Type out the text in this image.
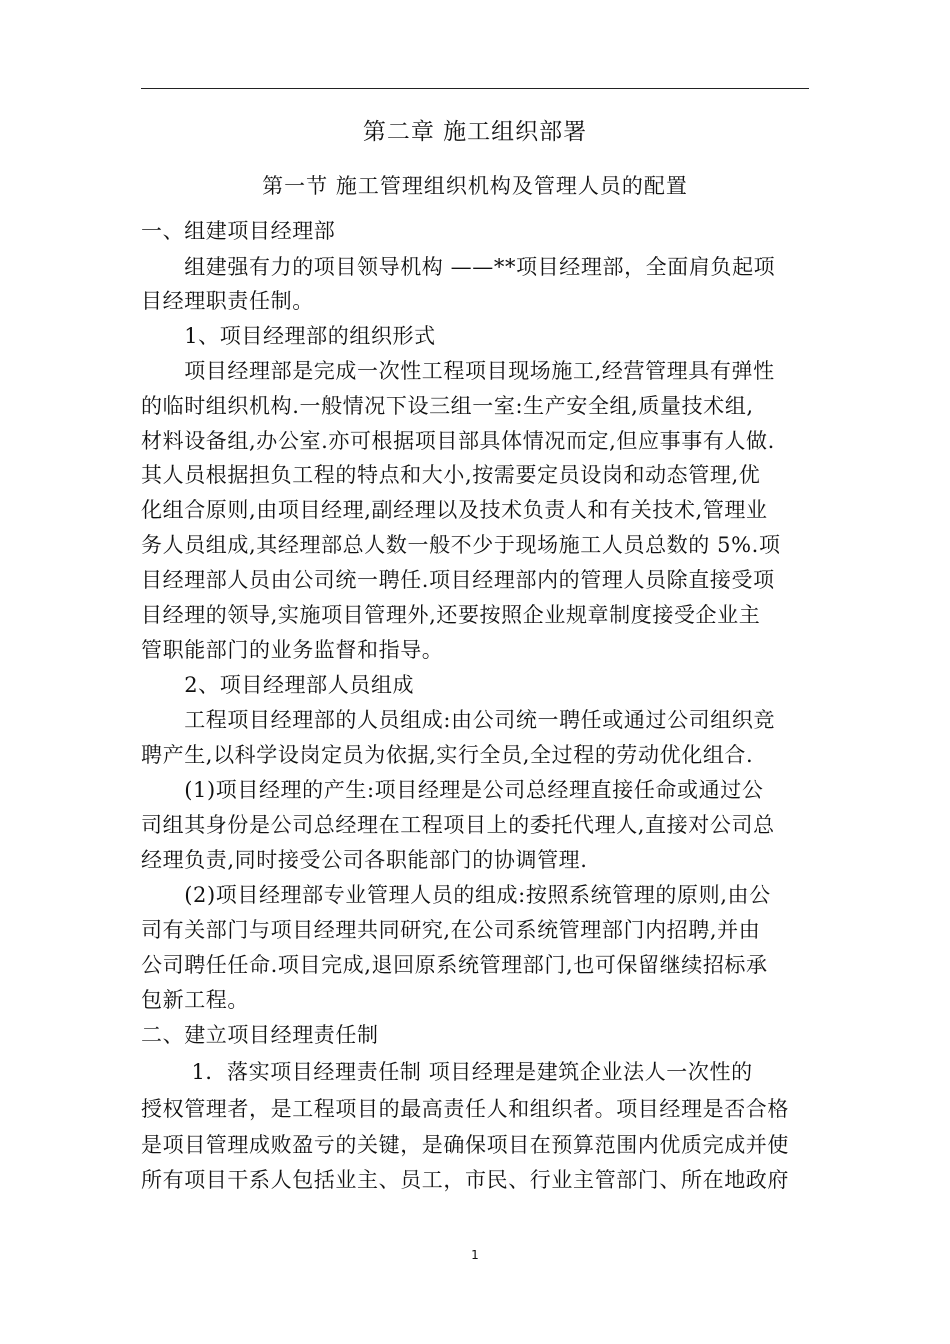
第二章 施工组织部署
第一节 施工管理组织机构及管理人员的配置
一、组建项目经理部
　　组建强有力的项目领导机构 ——**项目经理部，全面肩负起项
目经理职责任制。
　　1、项目经理部的组织形式
　　项目经理部是完成一次性工程项目现场施工,经营管理具有弹性
的临时组织机构.一般情况下设三组一室:生产安全组,质量技术组,
材料设备组,办公室.亦可根据项目部具体情况而定,但应事事有人做.
其人员根据担负工程的特点和大小,按需要定员设岗和动态管理,优
化组合原则,由项目经理,副经理以及技术负责人和有关技术,管理业
务人员组成,其经理部总人数一般不少于现场施工人员总数的 5%.项
目经理部人员由公司统一聘任.项目经理部内的管理人员除直接受项
目经理的领导,实施项目管理外,还要按照企业规章制度接受企业主
管职能部门的业务监督和指导。
　　2、项目经理部人员组成
　　工程项目经理部的人员组成:由公司统一聘任或通过公司组织竞
聘产生,以科学设岗定员为依据,实行全员,全过程的劳动优化组合.
　　(1)项目经理的产生:项目经理是公司总经理直接任命或通过公
司组其身份是公司总经理在工程项目上的委托代理人,直接对公司总
经理负责,同时接受公司各职能部门的协调管理.
　　(2)项目经理部专业管理人员的组成:按照系统管理的原则,由公
司有关部门与项目经理共同研究,在公司系统管理部门内招聘,并由
公司聘任任命.项目完成,退回原系统管理部门,也可保留继续招标承
包新工程。
二、建立项目经理责任制
　　 1．落实项目经理责任制 项目经理是建筑企业法人一次性的
授权管理者，是工程项目的最高责任人和组织者。项目经理是否合格
是项目管理成败盈亏的关键，是确保项目在预算范围内优质完成并使
所有项目干系人包括业主、员工，市民、行业主管部门、所在地政府
1
